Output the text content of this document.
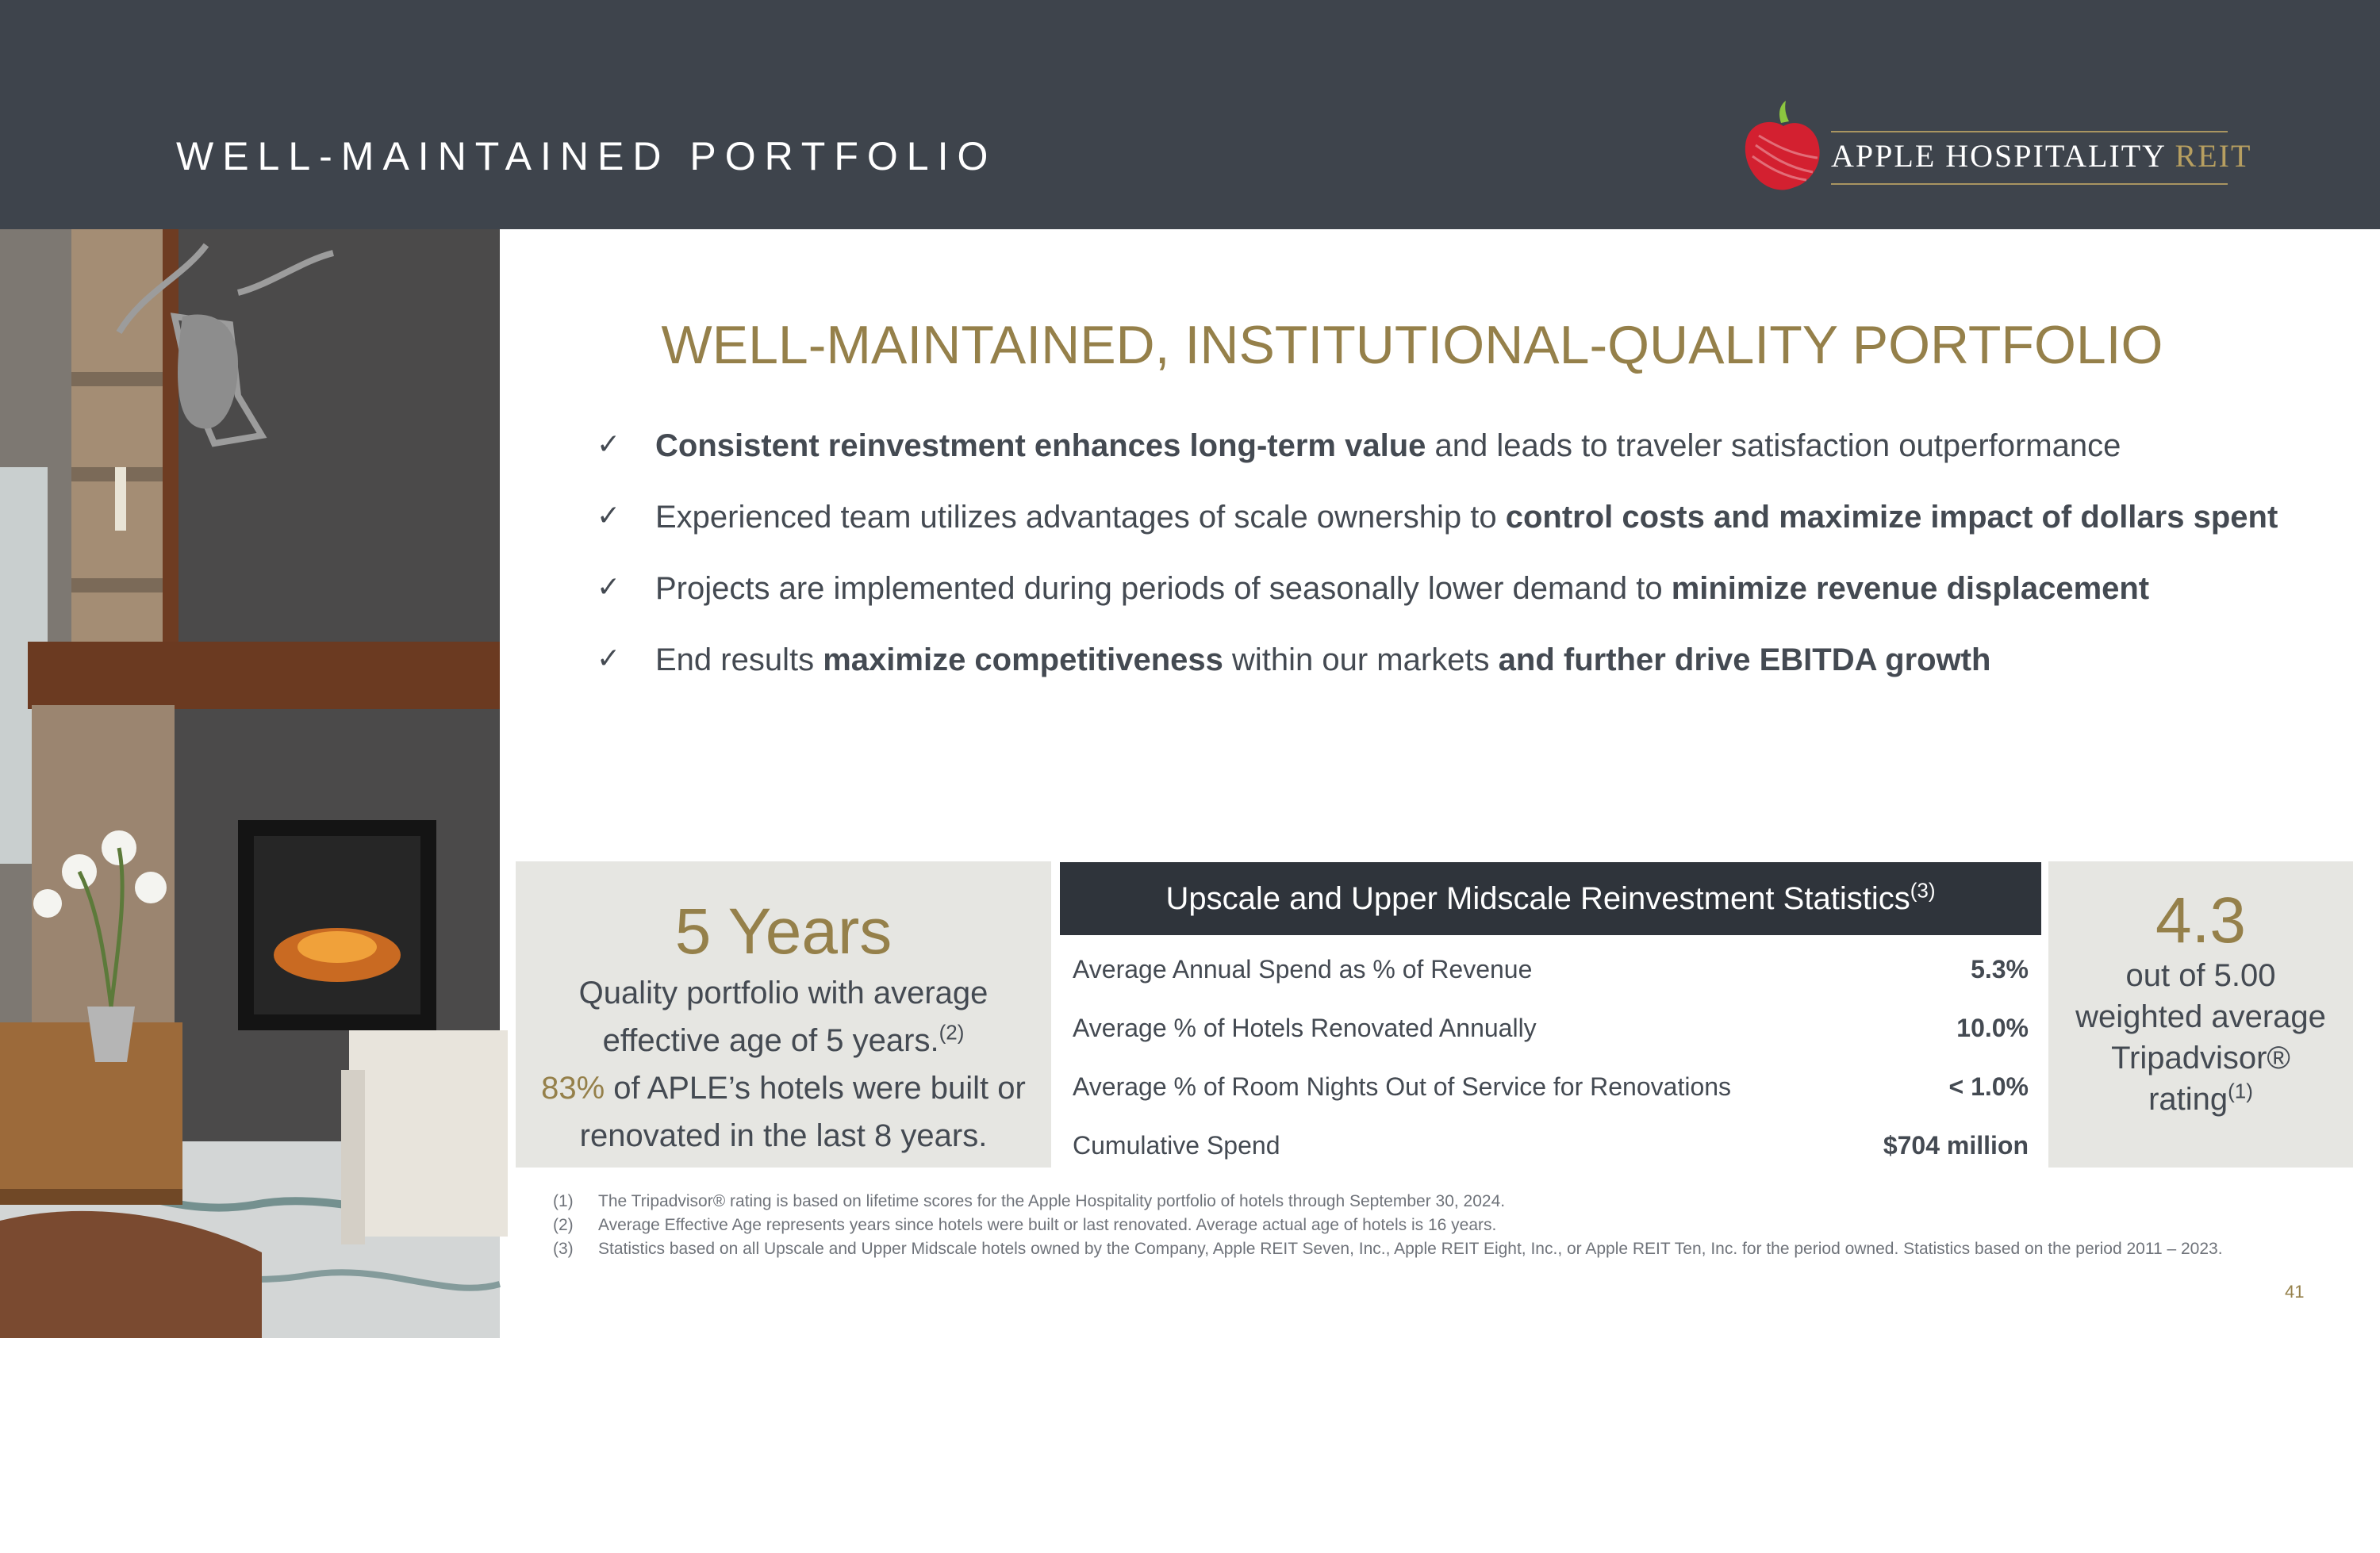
WELL-MAINTAINED PORTFOLIO	APPLE HOSPITALITY REIT
HILTON GARDEN INN FORT WORTH MEDICAL CENTER
WELL-MAINTAINED, INSTITUTIONAL-QUALITY PORTFOLIO
✓ Consistent reinvestment enhances long-term value and leads to traveler satisfaction outperformance
✓ Experienced team utilizes advantages of scale ownership to control costs and maximize impact of dollars spent
✓ Projects are implemented during periods of seasonally lower demand to minimize revenue displacement
✓ End results maximize competitiveness within our markets and further drive EBITDA growth
5 Years
Quality portfolio with average
effective age of 5 years.$^{(2)}$
83% of APLE’s hotels were built or
renovated in the last 8 years.
Upscale and Upper Midscale Reinvestment Statistics$^{(3)}$
Average Annual Spend as % of Revenue	5.3%
Average % of Hotels Renovated Annually	10.0%
Average % of Room Nights Out of Service for Renovations	< 1.0%
Cumulative Spend	$704 million
4.3
out of 5.00
weighted average
Tripadvisor®
rating$^{(1)}$
(1) The Tripadvisor® rating is based on lifetime scores for the Apple Hospitality portfolio of hotels through September 30, 2024.
(2) Average Effective Age represents years since hotels were built or last renovated. Average actual age of hotels is 16 years.
(3) Statistics based on all Upscale and Upper Midscale hotels owned by the Company, Apple REIT Seven, Inc., Apple REIT Eight, Inc., or Apple REIT Ten, Inc. for the period owned. Statistics based on the period 2011 – 2023.
41
